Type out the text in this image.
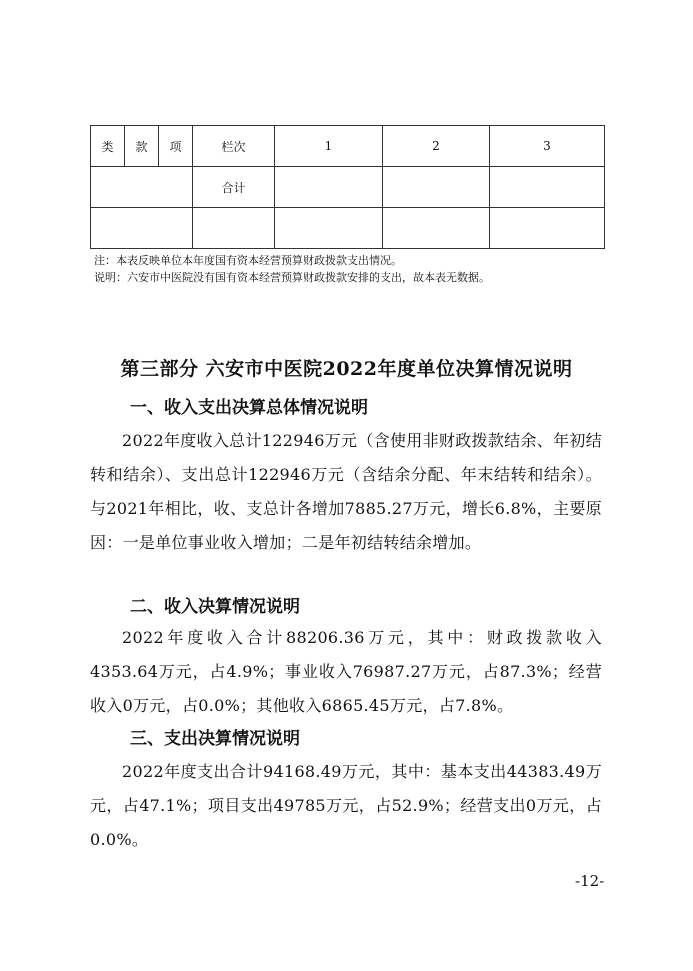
类	款	项	栏次	1	2	3
			合计			

注：本表反映单位本年度国有资本经营预算财政拨款支出情况。
说明：六安市中医院没有国有资本经营预算财政拨款安排的支出，故本表无数据。
第三部分 六安市中医院2022年度单位决算情况说明
一、收入支出决算总体情况说明

2022年度收入总计122946万元（含使用非财政拨款结余、年初结转和结余）、支出总计122946万元（含结余分配、年末结转和结余）。与2021年相比，收、支总计各增加7885.27万元，增长6.8%，主要原因：一是单位事业收入增加；二是年初结转结余增加。

二、收入决算情况说明

2022年度收入合计88206.36万元，其中：财政拨款收入4353.64万元，占4.9%；事业收入76987.27万元，占87.3%；经营收入0万元，占0.0%；其他收入6865.45万元，占7.8%。

三、支出决算情况说明

2022年度支出合计94168.49万元，其中：基本支出44383.49万元，占47.1%；项目支出49785万元，占52.9%；经营支出0万元，占0.0%。

-12-
